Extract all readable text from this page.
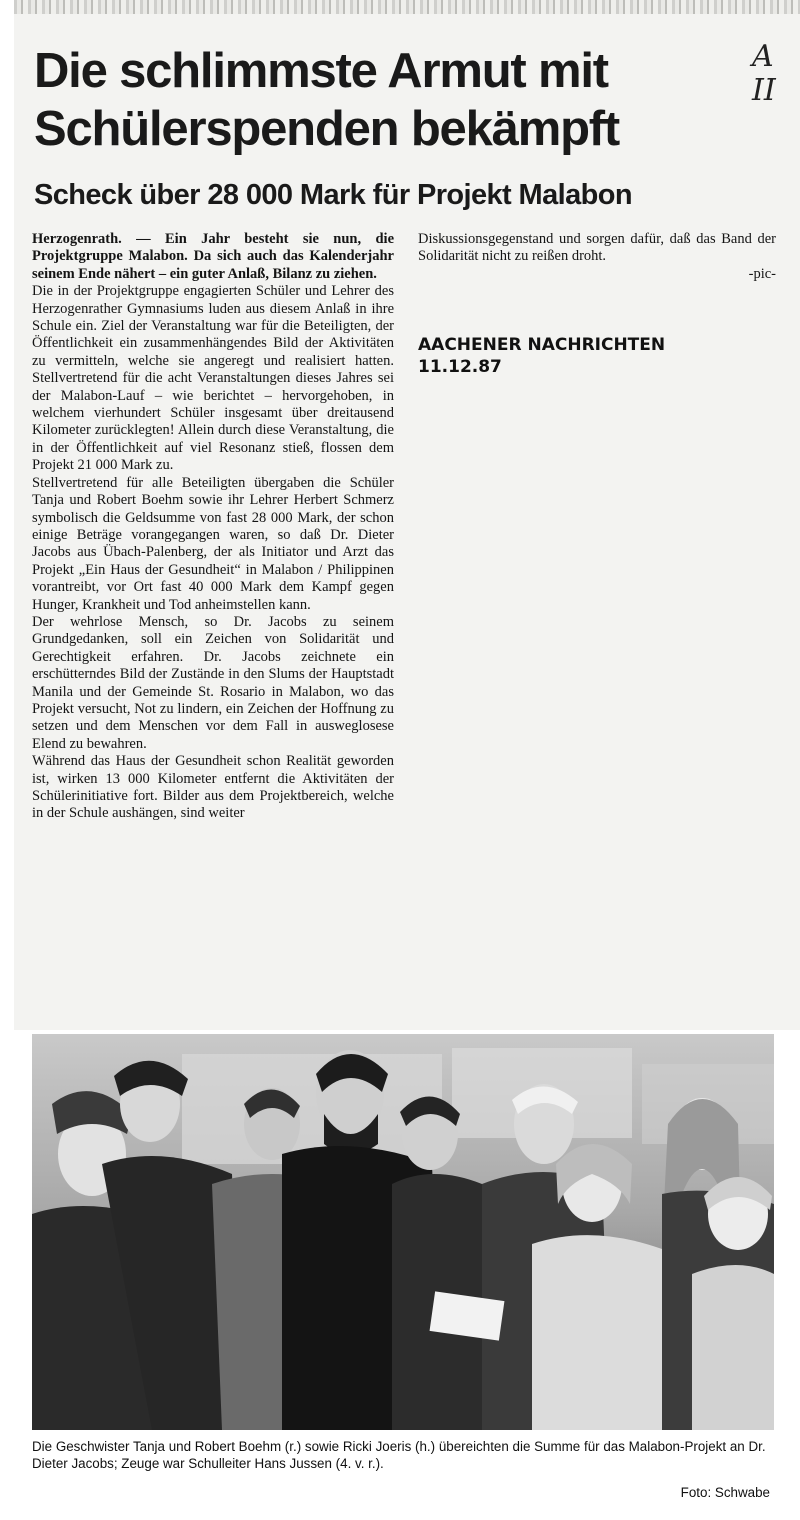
A
II
Die schlimmste Armut mit Schülerspenden bekämpft
Scheck über 28 000 Mark für Projekt Malabon

Herzogenrath. — Ein Jahr besteht sie nun, die Projektgruppe Malabon. Da sich auch das Kalenderjahr seinem Ende nähert – ein guter Anlaß, Bilanz zu ziehen.

Die in der Projektgruppe engagierten Schüler und Lehrer des Herzogenrather Gymnasiums luden aus diesem Anlaß in ihre Schule ein. Ziel der Veranstaltung war für die Beteiligten, der Öffentlichkeit ein zusammenhängendes Bild der Aktivitäten zu vermitteln, welche sie angeregt und realisiert hatten. Stellvertretend für die acht Veranstaltungen dieses Jahres sei der Malabon-Lauf – wie berichtet – hervorgehoben, in welchem vierhundert Schüler insgesamt über dreitausend Kilometer zurücklegten! Allein durch diese Veranstaltung, die in der Öffentlichkeit auf viel Resonanz stieß, flossen dem Projekt 21 000 Mark zu.

Stellvertretend für alle Beteiligten übergaben die Schüler Tanja und Robert Boehm sowie ihr Lehrer Herbert Schmerz symbolisch die Geldsumme von fast 28 000 Mark, der schon einige Beträge vorangegangen waren, so daß Dr. Dieter Jacobs aus Übach-Palenberg, der als Initiator und Arzt das Projekt „Ein Haus der Gesundheit“ in Malabon / Philippinen vorantreibt, vor Ort fast 40 000 Mark dem Kampf gegen Hunger, Krankheit und Tod anheimstellen kann.

Der wehrlose Mensch, so Dr. Jacobs zu seinem Grundgedanken, soll ein Zeichen von Solidarität und Gerechtigkeit erfahren. Dr. Jacobs zeichnete ein erschütterndes Bild der Zustände in den Slums der Hauptstadt Manila und der Gemeinde St. Rosario in Malabon, wo das Projekt versucht, Not zu lindern, ein Zeichen der Hoffnung zu setzen und dem Menschen vor dem Fall in ausweglosese Elend zu bewahren.

Während das Haus der Gesundheit schon Realität geworden ist, wirken 13 000 Kilometer entfernt die Aktivitäten der Schülerinitiative fort. Bilder aus dem Projektbereich, welche in der Schule aushängen, sind weiter

Diskussionsgegenstand und sorgen dafür, daß das Band der Solidarität nicht zu reißen droht.

-pic-

AACHENER NACHRICHTEN
11.12.87
Die Geschwister Tanja und Robert Boehm (r.) sowie Ricki Joeris (h.) übereichten die Summe für das Malabon-Projekt an Dr. Dieter Jacobs; Zeuge war Schulleiter Hans Jussen (4. v. r.).
Foto: Schwabe
